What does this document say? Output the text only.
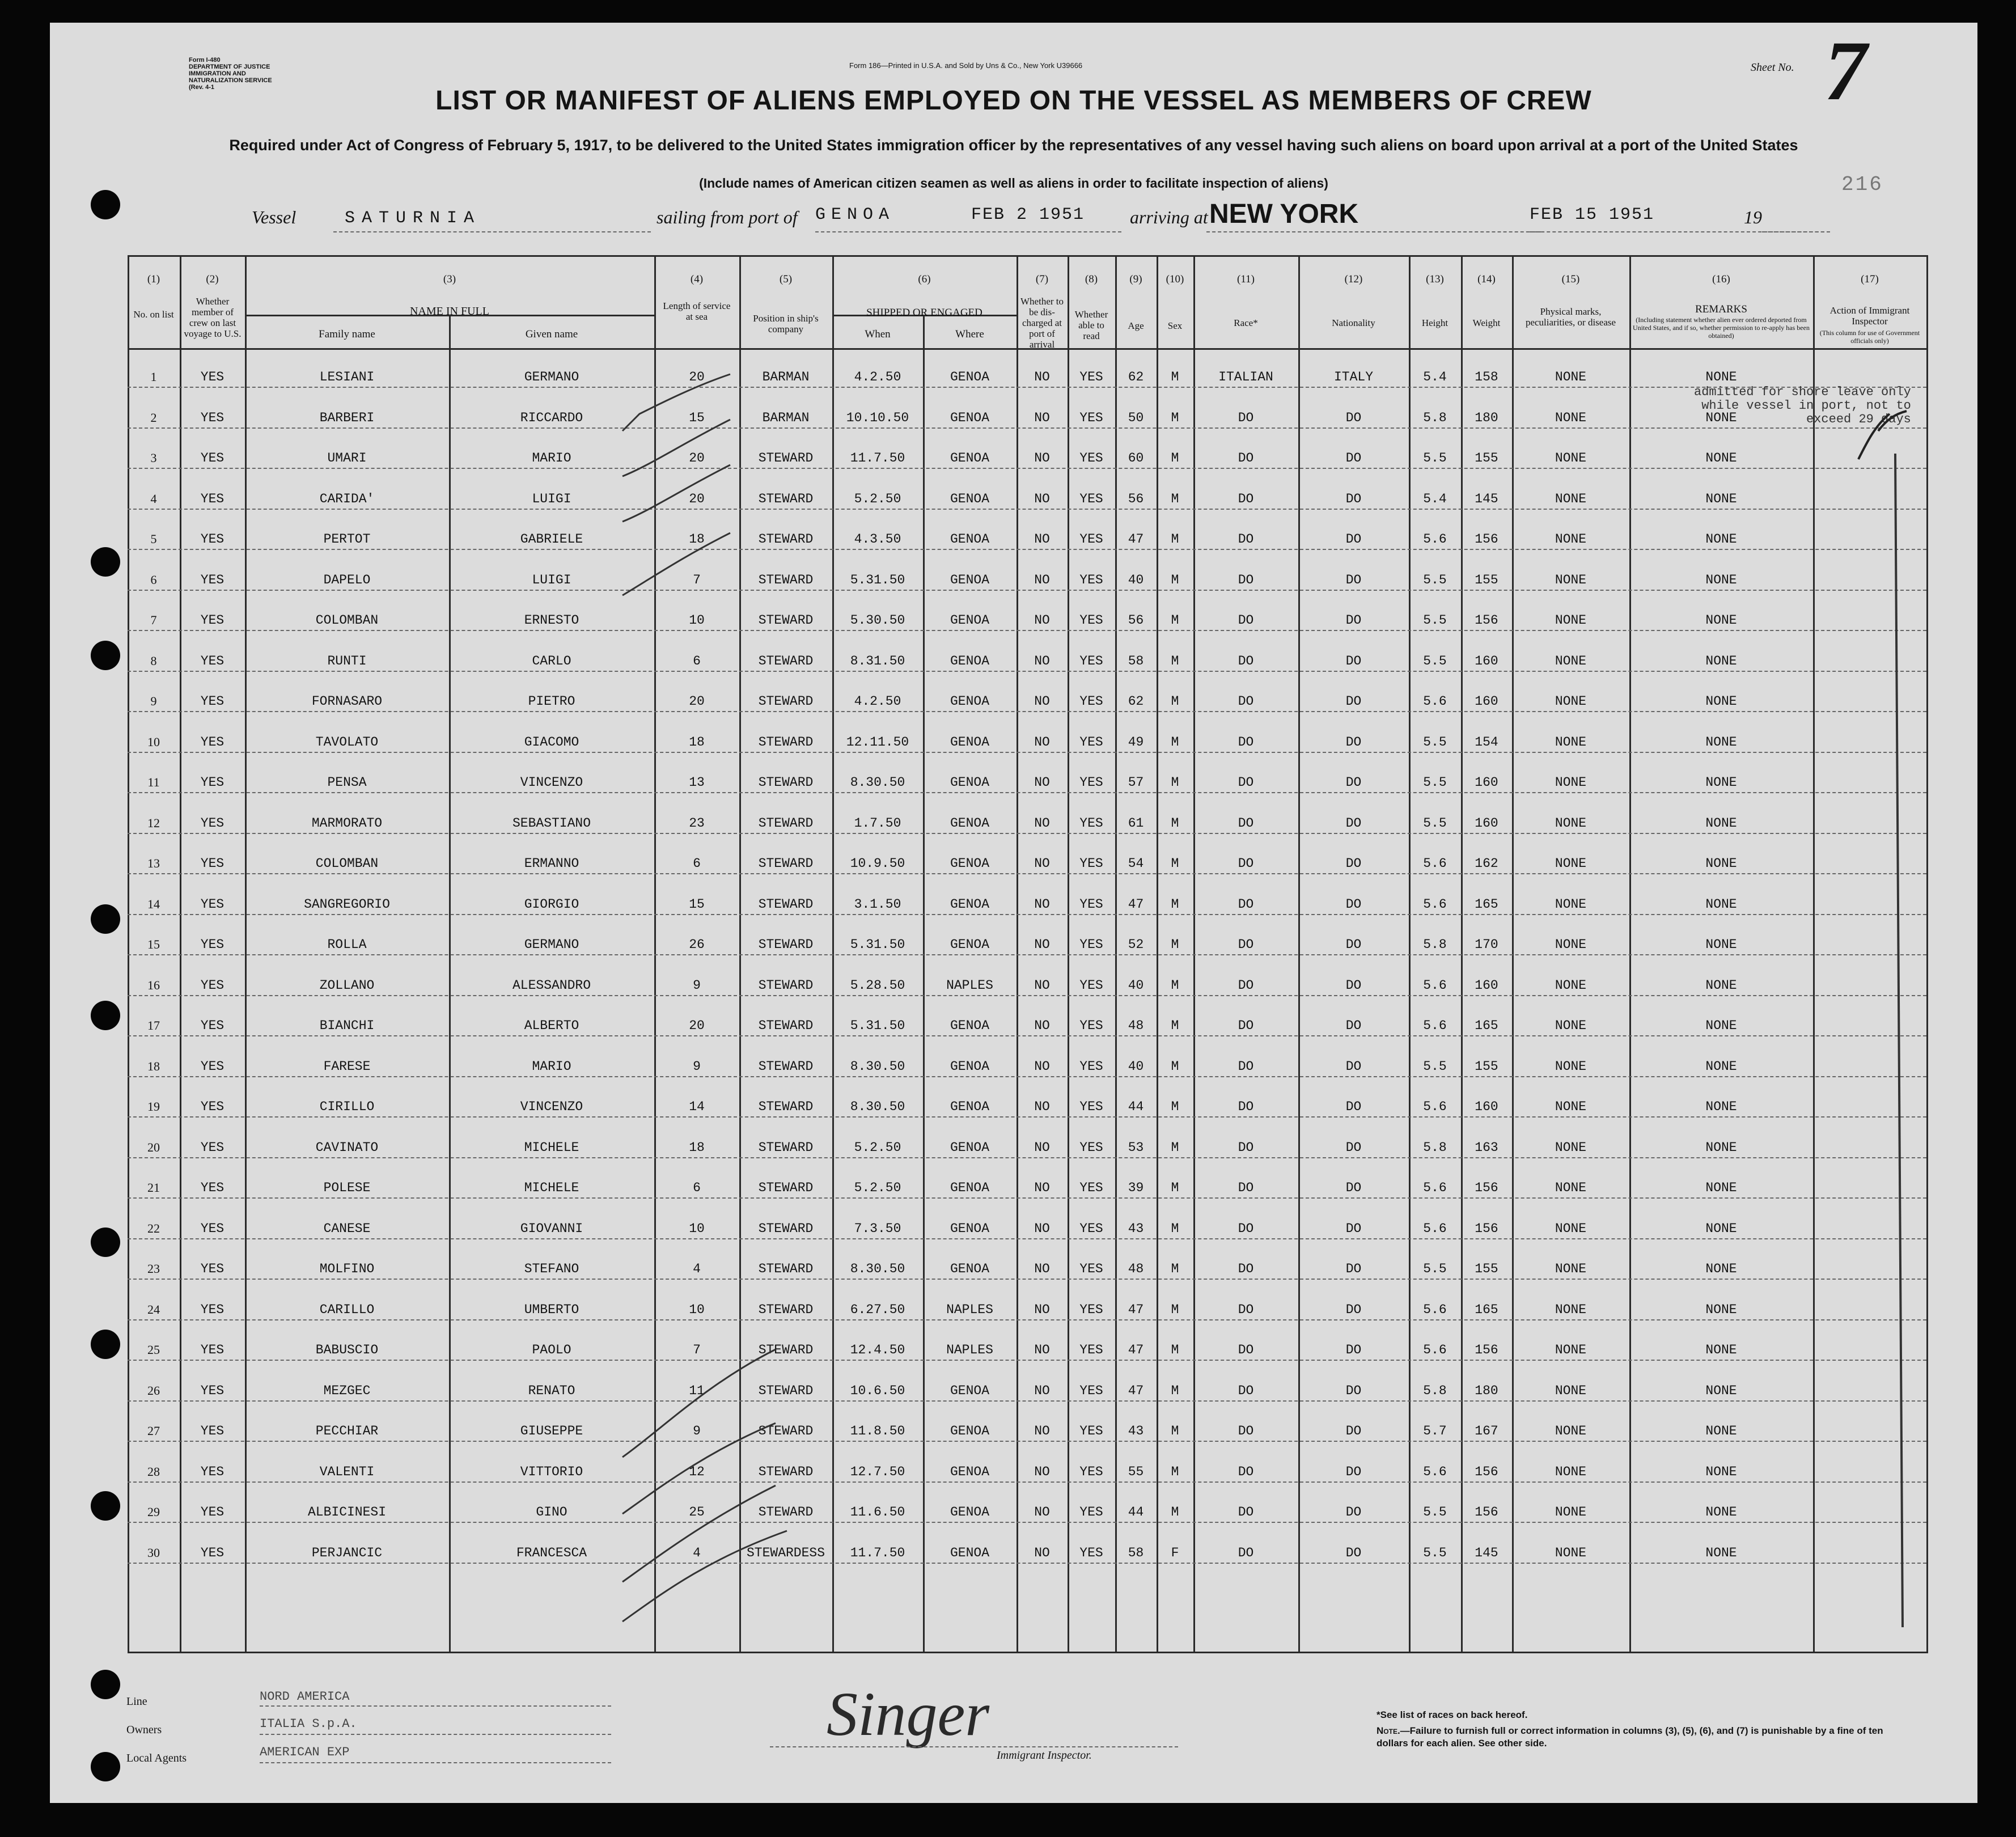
Form I-480
DEPARTMENT OF JUSTICE
IMMIGRATION AND NATURALIZATION SERVICE
(Rev. 4-1
Form 186—Printed in U.S.A. and Sold by Uns & Co., New York U39666	Sheet No. 7
216
LIST OR MANIFEST OF ALIENS EMPLOYED ON THE VESSEL AS MEMBERS OF CREW
Required under Act of Congress of February 5, 1917, to be delivered to the United States immigration officer by the representatives of any vessel having such aliens on board upon arrival at a port of the United States
(Include names of American citizen seamen as well as aliens in order to facilitate inspection of aliens)
Vessel	SATURNIA	sailing from port of GENOA	FEB 2 1951 arriving at NEW YORK	FEB 15 1951	19
(1)	(2)	(3)	(4)	(5)	(6)	(7)	(8)	(9)	(10)	(11)	(12)	(13)	(14)	(15)	(16)	(17)
No. on list
Whether member of crew on last voyage to U.S.
NAME IN FULL
Family name	Given name
Length of service at sea	Position in ship's company
SHIPPED OR ENGAGED
When	Where
Whether to be dis-charged at port of arrival
Whether able to read
Age	Sex	Race*	Nationality	Height	Weight
Physical marks, peculiarities, or disease
REMARKS
(Including statement whether alien ever ordered deported from United States, and if so, whether permission to re-apply has been obtained)
Action of Immigrant Inspector
(This column for use of Government officials only)
1	YES	LESIANI	GERMANO	20	BARMAN	4.2.50	GENOA	NO	YES	62	M	ITALIAN	ITALY	5.4	158	NONE	NONE
2	YES	BARBERI	RICCARDO	15	BARMAN	10.10.50	GENOA	NO	YES	50	M	DO	DO	5.8	180	NONE	NONE
3	YES	UMARI	MARIO	20	STEWARD	11.7.50	GENOA	NO	YES	60	M	DO	DO	5.5	155	NONE	NONE
4	YES	CARIDA'	LUIGI	20	STEWARD	5.2.50	GENOA	NO	YES	56	M	DO	DO	5.4	145	NONE	NONE
5	YES	PERTOT	GABRIELE	18	STEWARD	4.3.50	GENOA	NO	YES	47	M	DO	DO	5.6	156	NONE	NONE
6	YES	DAPELO	LUIGI	7	STEWARD	5.31.50	GENOA	NO	YES	40	M	DO	DO	5.5	155	NONE	NONE
7	YES	COLOMBAN	ERNESTO	10	STEWARD	5.30.50	GENOA	NO	YES	56	M	DO	DO	5.5	156	NONE	NONE
8	YES	RUNTI	CARLO	6	STEWARD	8.31.50	GENOA	NO	YES	58	M	DO	DO	5.5	160	NONE	NONE
9	YES	FORNASARO	PIETRO	20	STEWARD	4.2.50	GENOA	NO	YES	62	M	DO	DO	5.6	160	NONE	NONE
10	YES	TAVOLATO	GIACOMO	18	STEWARD	12.11.50	GENOA	NO	YES	49	M	DO	DO	5.5	154	NONE	NONE
11	YES	PENSA	VINCENZO	13	STEWARD	8.30.50	GENOA	NO	YES	57	M	DO	DO	5.5	160	NONE	NONE
12	YES	MARMORATO	SEBASTIANO	23	STEWARD	1.7.50	GENOA	NO	YES	61	M	DO	DO	5.5	160	NONE	NONE
13	YES	COLOMBAN	ERMANNO	6	STEWARD	10.9.50	GENOA	NO	YES	54	M	DO	DO	5.6	162	NONE	NONE
14	YES	SANGREGORIO	GIORGIO	15	STEWARD	3.1.50	GENOA	NO	YES	47	M	DO	DO	5.6	165	NONE	NONE
15	YES	ROLLA	GERMANO	26	STEWARD	5.31.50	GENOA	NO	YES	52	M	DO	DO	5.8	170	NONE	NONE
16	YES	ZOLLANO	ALESSANDRO	9	STEWARD	5.28.50	NAPLES	NO	YES	40	M	DO	DO	5.6	160	NONE	NONE
17	YES	BIANCHI	ALBERTO	20	STEWARD	5.31.50	GENOA	NO	YES	48	M	DO	DO	5.6	165	NONE	NONE
18	YES	FARESE	MARIO	9	STEWARD	8.30.50	GENOA	NO	YES	40	M	DO	DO	5.5	155	NONE	NONE
19	YES	CIRILLO	VINCENZO	14	STEWARD	8.30.50	GENOA	NO	YES	44	M	DO	DO	5.6	160	NONE	NONE
20	YES	CAVINATO	MICHELE	18	STEWARD	5.2.50	GENOA	NO	YES	53	M	DO	DO	5.8	163	NONE	NONE
21	YES	POLESE	MICHELE	6	STEWARD	5.2.50	GENOA	NO	YES	39	M	DO	DO	5.6	156	NONE	NONE
22	YES	CANESE	GIOVANNI	10	STEWARD	7.3.50	GENOA	NO	YES	43	M	DO	DO	5.6	156	NONE	NONE
23	YES	MOLFINO	STEFANO	4	STEWARD	8.30.50	GENOA	NO	YES	48	M	DO	DO	5.5	155	NONE	NONE
24	YES	CARILLO	UMBERTO	10	STEWARD	6.27.50	NAPLES	NO	YES	47	M	DO	DO	5.6	165	NONE	NONE
25	YES	BABUSCIO	PAOLO	7	STEWARD	12.4.50	NAPLES	NO	YES	47	M	DO	DO	5.6	156	NONE	NONE
26	YES	MEZGEC	RENATO	11	STEWARD	10.6.50	GENOA	NO	YES	47	M	DO	DO	5.8	180	NONE	NONE
27	YES	PECCHIAR	GIUSEPPE	9	STEWARD	11.8.50	GENOA	NO	YES	43	M	DO	DO	5.7	167	NONE	NONE
28	YES	VALENTI	VITTORIO	12	STEWARD	12.7.50	GENOA	NO	YES	55	M	DO	DO	5.6	156	NONE	NONE
29	YES	ALBICINESI	GINO	25	STEWARD	11.6.50	GENOA	NO	YES	44	M	DO	DO	5.5	156	NONE	NONE
30	YES	PERJANCIC	FRANCESCA	4	STEWARDESS	11.7.50	GENOA	NO	YES	58	F	DO	DO	5.5	145	NONE	NONE
admitted for shore leave only
while vessel in port, not to
exceed 29 days
Line	NORD AMERICA
Owners	ITALIA S.p.A.
Local Agents	AMERICAN EXP
Singer
Immigrant Inspector.
*See list of races on back hereof.
Note.—Failure to furnish full or correct information in columns (3), (5), (6), and (7) is punishable by a fine of ten dollars for each alien. See other side.
